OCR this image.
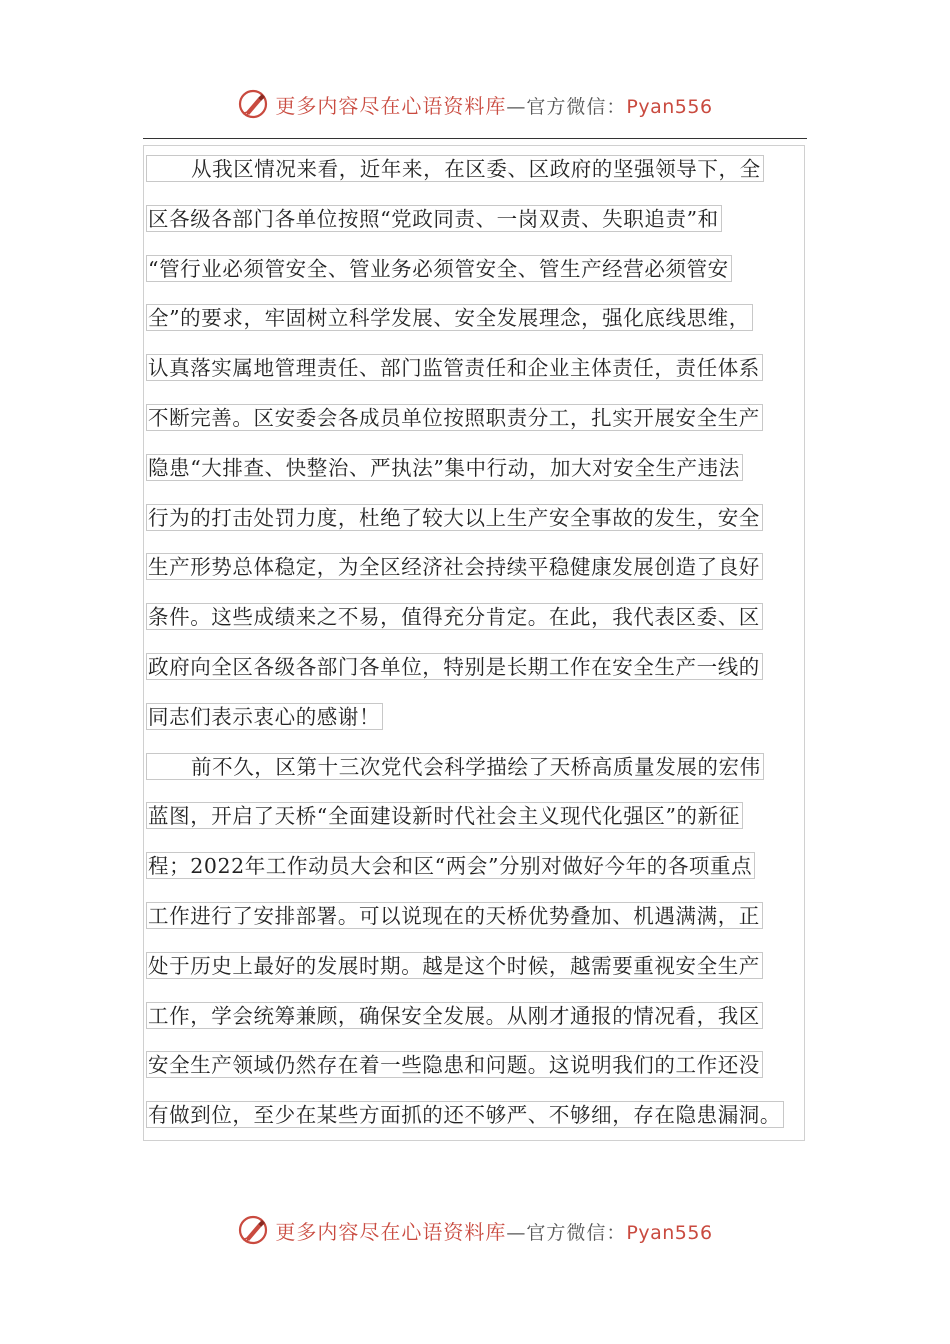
更多内容尽在心语资料库—官方微信：Pyan556
从我区情况来看，近年来，在区委、区政府的坚强领导下，全
区各级各部门各单位按照“党政同责、一岗双责、失职追责”和
“管行业必须管安全、管业务必须管安全、管生产经营必须管安
全”的要求，牢固树立科学发展、安全发展理念，强化底线思维，
认真落实属地管理责任、部门监管责任和企业主体责任，责任体系
不断完善。区安委会各成员单位按照职责分工，扎实开展安全生产
隐患“大排查、快整治、严执法”集中行动，加大对安全生产违法
行为的打击处罚力度，杜绝了较大以上生产安全事故的发生，安全
生产形势总体稳定，为全区经济社会持续平稳健康发展创造了良好
条件。这些成绩来之不易，值得充分肯定。在此，我代表区委、区
政府向全区各级各部门各单位，特别是长期工作在安全生产一线的
同志们表示衷心的感谢！
前不久，区第十三次党代会科学描绘了天桥高质量发展的宏伟
蓝图，开启了天桥“全面建设新时代社会主义现代化强区”的新征
程；2022年工作动员大会和区“两会”分别对做好今年的各项重点
工作进行了安排部署。可以说现在的天桥优势叠加、机遇满满，正
处于历史上最好的发展时期。越是这个时候，越需要重视安全生产
工作，学会统筹兼顾，确保安全发展。从刚才通报的情况看，我区
安全生产领域仍然存在着一些隐患和问题。这说明我们的工作还没
有做到位，至少在某些方面抓的还不够严、不够细，存在隐患漏洞。
更多内容尽在心语资料库—官方微信：Pyan556
